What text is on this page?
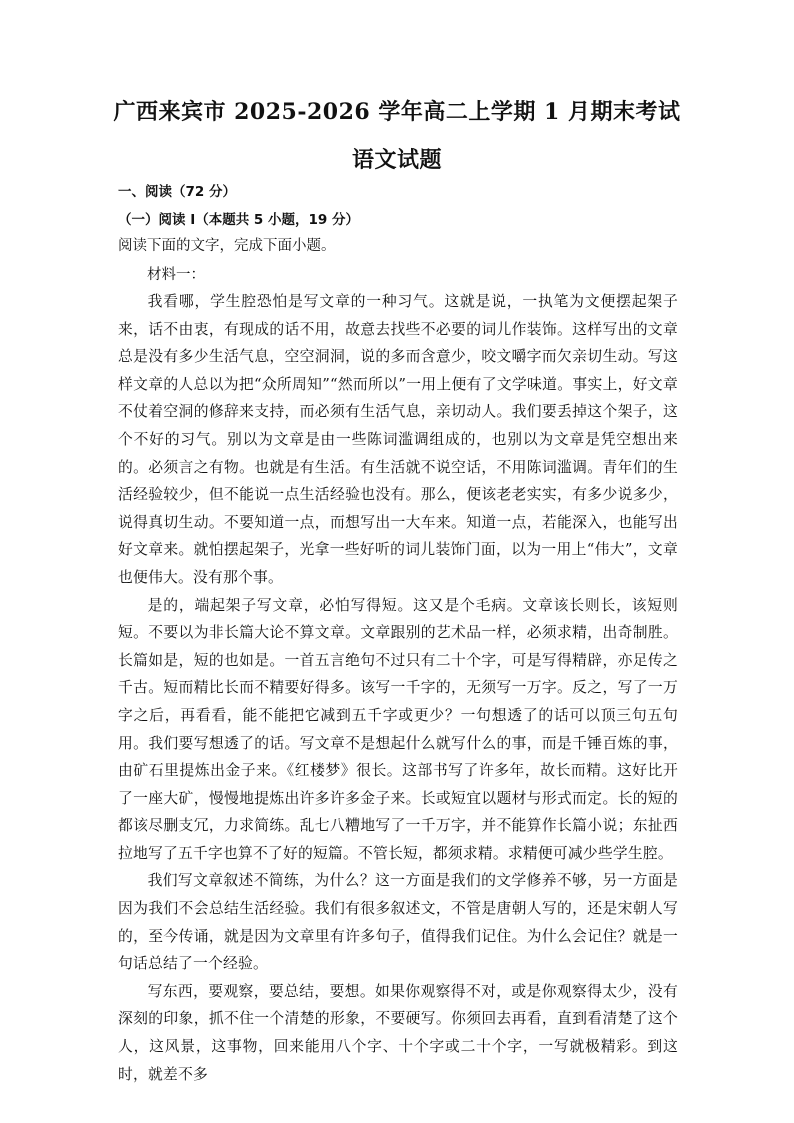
广西来宾市 2025-2026 学年高二上学期 1 月期末考试
语文试题
一、阅读（72 分）
（一）阅读 I（本题共 5 小题，19 分）
阅读下面的文字，完成下面小题。
材料一：

我看哪，学生腔恐怕是写文章的一种习气。这就是说，一执笔为文便摆起架子来，话不由衷，有现成的话不用，故意去找些不必要的词儿作装饰。这样写出的文章总是没有多少生活气息，空空洞洞，说的多而含意少，咬文嚼字而欠亲切生动。写这样文章的人总以为把“众所周知”“然而所以”一用上便有了文学味道。事实上，好文章不仗着空洞的修辞来支持，而必须有生活气息，亲切动人。我们要丢掉这个架子，这个不好的习气。别以为文章是由一些陈词滥调组成的，也别以为文章是凭空想出来的。必须言之有物。也就是有生活。有生活就不说空话，不用陈词滥调。青年们的生活经验较少，但不能说一点生活经验也没有。那么，便该老老实实，有多少说多少，说得真切生动。不要知道一点，而想写出一大车来。知道一点，若能深入，也能写出好文章来。就怕摆起架子，光拿一些好听的词儿装饰门面，以为一用上“伟大”，文章也便伟大。没有那个事。

是的，端起架子写文章，必怕写得短。这又是个毛病。文章该长则长，该短则短。不要以为非长篇大论不算文章。文章跟别的艺术品一样，必须求精，出奇制胜。长篇如是，短的也如是。一首五言绝句不过只有二十个字，可是写得精辟，亦足传之千古。短而精比长而不精要好得多。该写一千字的，无须写一万字。反之，写了一万字之后，再看看，能不能把它减到五千字或更少？一句想透了的话可以顶三句五句用。我们要写想透了的话。写文章不是想起什么就写什么的事，而是千锤百炼的事，由矿石里提炼出金子来。《红楼梦》很长。这部书写了许多年，故长而精。这好比开了一座大矿，慢慢地提炼出许多许多金子来。长或短宜以题材与形式而定。长的短的都该尽删支冗，力求简练。乱七八糟地写了一千万字，并不能算作长篇小说；东扯西拉地写了五千字也算不了好的短篇。不管长短，都须求精。求精便可减少些学生腔。

我们写文章叙述不简练，为什么？这一方面是我们的文学修养不够，另一方面是因为我们不会总结生活经验。我们有很多叙述文，不管是唐朝人写的，还是宋朝人写的，至今传诵，就是因为文章里有许多句子，值得我们记住。为什么会记住？就是一句话总结了一个经验。

写东西，要观察，要总结，要想。如果你观察得不对，或是你观察得太少，没有深刻的印象，抓不住一个清楚的形象，不要硬写。你须回去再看，直到看清楚了这个人，这风景，这事物，回来能用八个字、十个字或二十个字，一写就极精彩。到这时，就差不多
